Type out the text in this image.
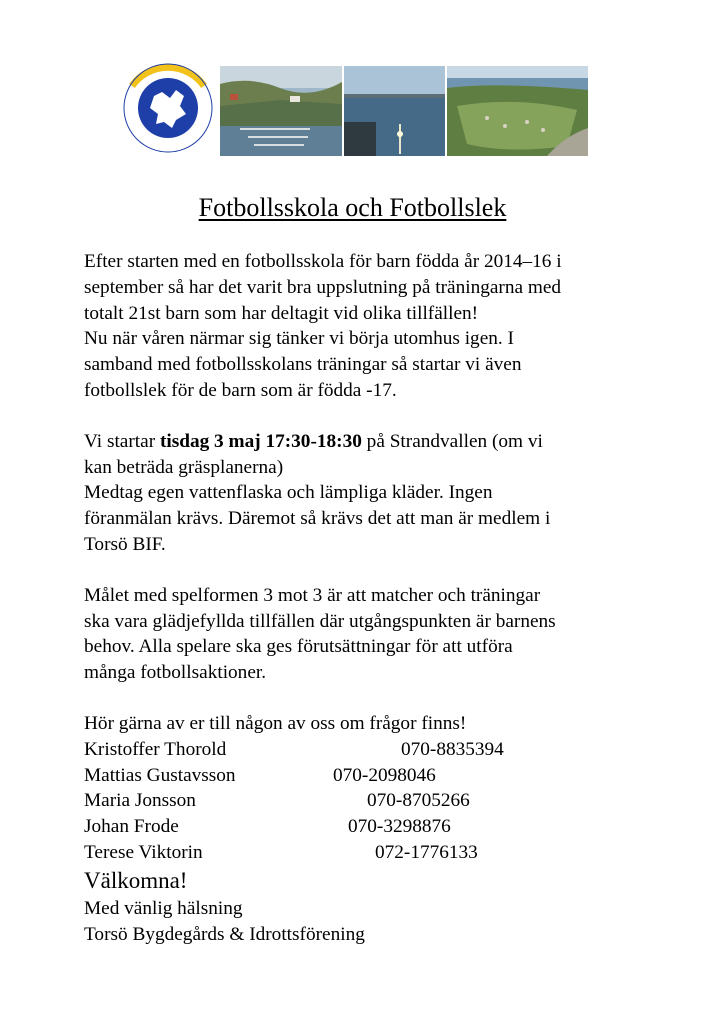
Fotbollsskola och Fotbollslek

Efter starten med en fotbollsskola för barn födda år 2014–16 i

september så har det varit bra uppslutning på träningarna med

totalt 21st barn som har deltagit vid olika tillfällen!

Nu när våren närmar sig tänker vi börja utomhus igen. I

samband med fotbollsskolans träningar så startar vi även

fotbollslek för de barn som är födda -17.

Vi startar tisdag 3 maj 17:30-18:30 på Strandvallen (om vi

kan beträda gräsplanerna)

Medtag egen vattenflaska och lämpliga kläder. Ingen

föranmälan krävs. Däremot så krävs det att man är medlem i

Torsö BIF.

Målet med spelformen 3 mot 3 är att matcher och träningar

ska vara glädjefyllda tillfällen där utgångspunkten är barnens

behov. Alla spelare ska ges förutsättningar för att utföra

många fotbollsaktioner.

Hör gärna av er till någon av oss om frågor finns!

Kristoffer Thorold	070-8835394
Mattias Gustavsson	070-2098046
Maria Jonsson	070-8705266
Johan Frode	070-3298876
Terese Viktorin	072-1776133

Välkomna!

Med vänlig hälsning

Torsö Bygdegårds & Idrottsförening
